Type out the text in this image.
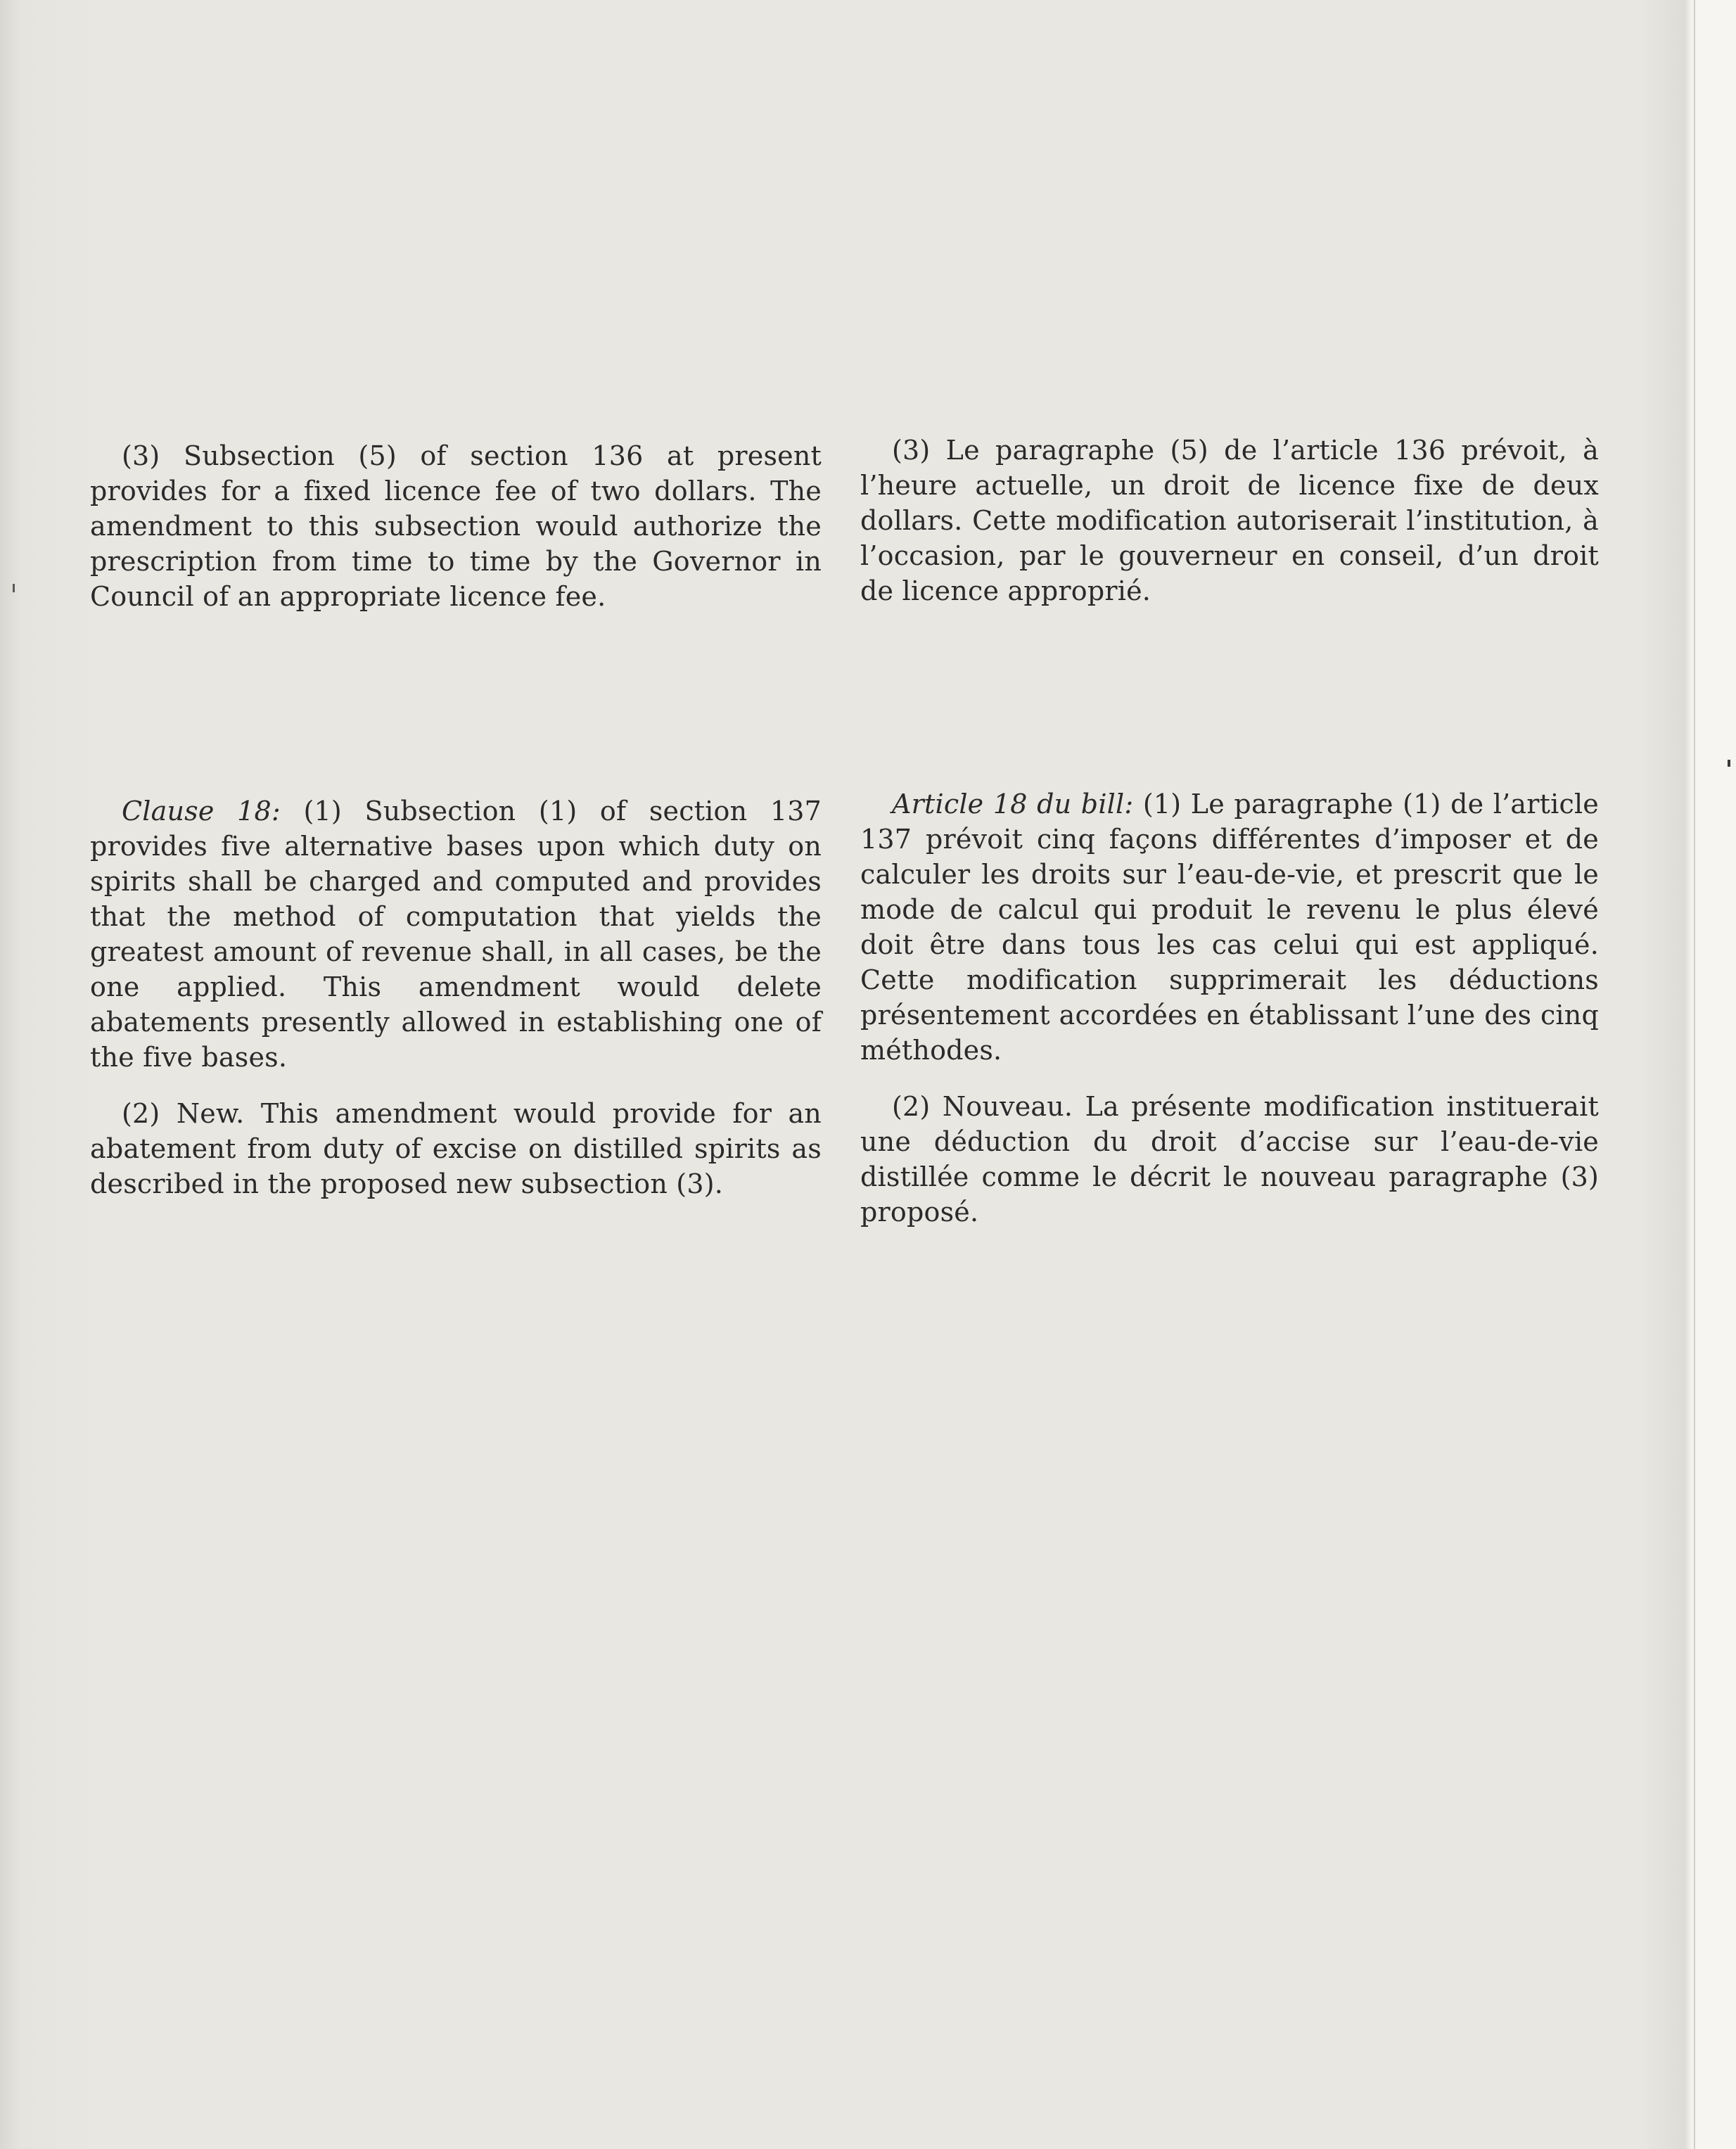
(3) Subsection (5) of section 136 at present provides for a fixed licence fee of two dollars. The amendment to this subsection would authorize the prescription from time to time by the Governor in Council of an appropriate licence fee.

(3) Le paragraphe (5) de l’article 136 prévoit, à l’heure actuelle, un droit de licence fixe de deux dollars. Cette modification autoriserait l’institution, à l’occasion, par le gouverneur en conseil, d’un droit de licence approprié.

Clause 18: (1) Subsection (1) of section 137 provides five alternative bases upon which duty on spirits shall be charged and computed and provides that the method of computation that yields the greatest amount of revenue shall, in all cases, be the one applied. This amendment would delete abatements presently allowed in establishing one of the five bases.

(2) New. This amendment would provide for an abatement from duty of excise on distilled spirits as described in the proposed new subsection (3).

Article 18 du bill: (1) Le paragraphe (1) de l’article 137 prévoit cinq façons différentes d’imposer et de calculer les droits sur l’eau-de-vie, et prescrit que le mode de calcul qui produit le revenu le plus élevé doit être dans tous les cas celui qui est appliqué. Cette modification supprimerait les déductions présentement accordées en établissant l’une des cinq méthodes.

(2) Nouveau. La présente modification instituerait une déduction du droit d’accise sur l’eau-de-vie distillée comme le décrit le nouveau paragraphe (3) proposé.
